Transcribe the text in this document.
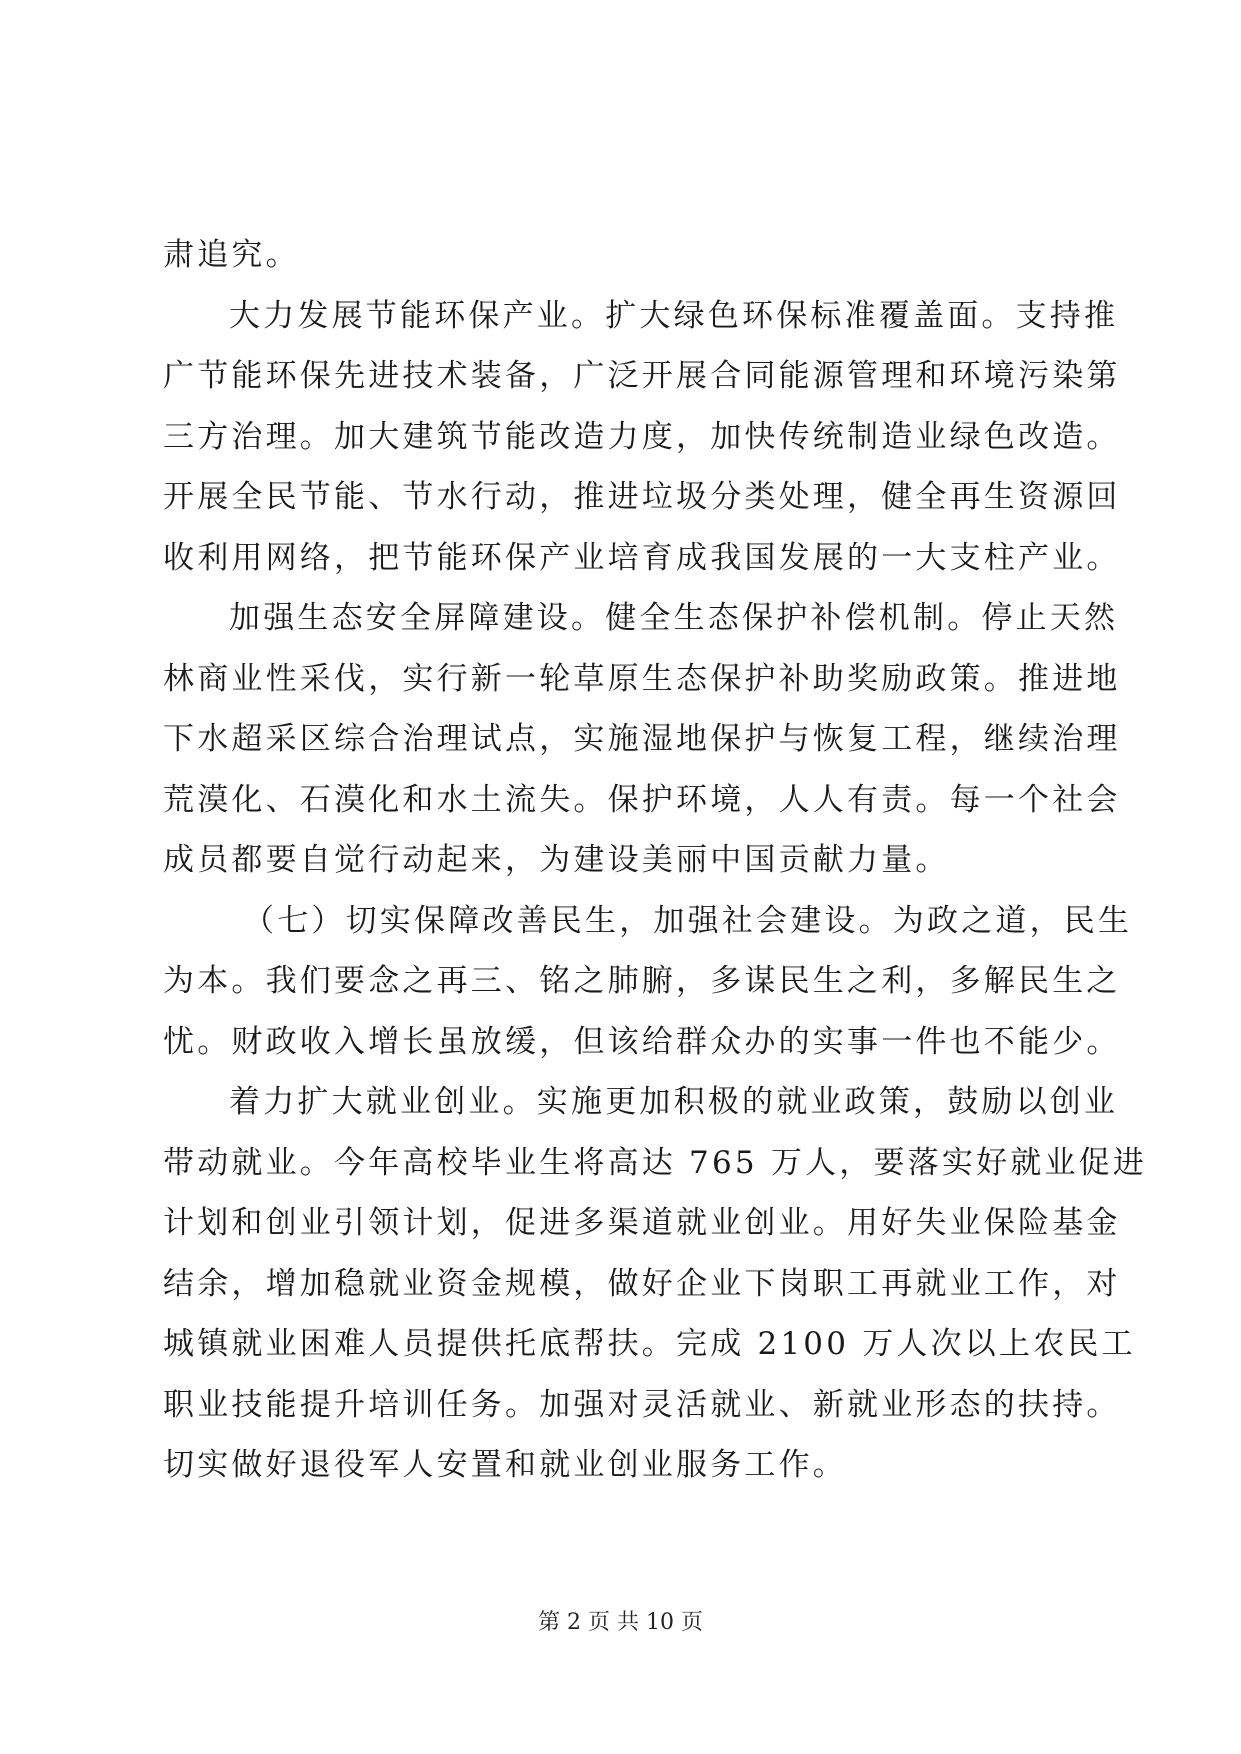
肃追究。
大力发展节能环保产业。扩大绿色环保标准覆盖面。支持推
广节能环保先进技术装备，广泛开展合同能源管理和环境污染第
三方治理。加大建筑节能改造力度，加快传统制造业绿色改造。
开展全民节能、节水行动，推进垃圾分类处理，健全再生资源回
收利用网络，把节能环保产业培育成我国发展的一大支柱产业。
加强生态安全屏障建设。健全生态保护补偿机制。停止天然
林商业性采伐，实行新一轮草原生态保护补助奖励政策。推进地
下水超采区综合治理试点，实施湿地保护与恢复工程，继续治理
荒漠化、石漠化和水土流失。保护环境，人人有责。每一个社会
成员都要自觉行动起来，为建设美丽中国贡献力量。
（七）切实保障改善民生，加强社会建设。为政之道，民生
为本。我们要念之再三、铭之肺腑，多谋民生之利，多解民生之
忧。财政收入增长虽放缓，但该给群众办的实事一件也不能少。
着力扩大就业创业。实施更加积极的就业政策，鼓励以创业
带动就业。今年高校毕业生将高达 765 万人，要落实好就业促进
计划和创业引领计划，促进多渠道就业创业。用好失业保险基金
结余，增加稳就业资金规模，做好企业下岗职工再就业工作，对
城镇就业困难人员提供托底帮扶。完成 2100 万人次以上农民工
职业技能提升培训任务。加强对灵活就业、新就业形态的扶持。
切实做好退役军人安置和就业创业服务工作。
第 2 页 共 10 页
